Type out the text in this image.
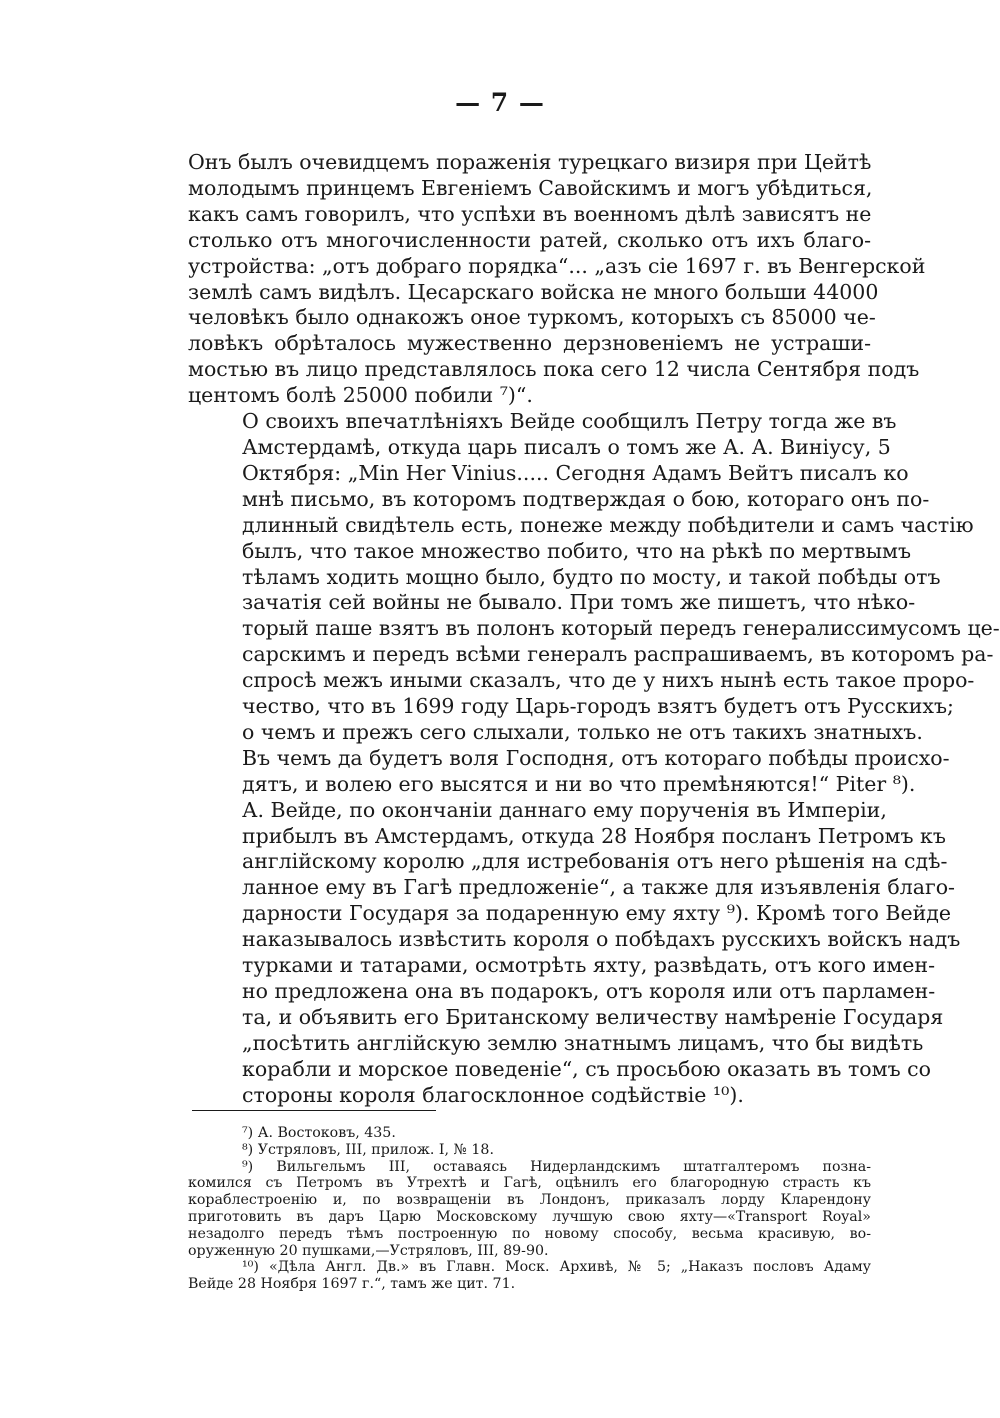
— 7 —

Онъ былъ очевидцемъ пораженія турецкаго визиря при Цейтѣ
молодымъ принцемъ Евгеніемъ Савойскимъ и могъ убѣдиться,
какъ самъ говорилъ, что успѣхи въ военномъ дѣлѣ зависятъ не
столько отъ многочисленности ратей, сколько отъ ихъ благо-
устройства: „отъ добраго порядка“... „азъ сіе 1697 г. въ Венгерской
землѣ самъ видѣлъ. Цесарскаго войска не много больши 44000
человѣкъ было однакожъ оное туркомъ, которыхъ съ 85000 че-
ловѣкъ обрѣталось мужественно дерзновеніемъ не устраши-
мостью въ лицо представлялось пока сего 12 числа Сентября подъ
центомъ болѣ 25000 побили ⁷)“.

О своихъ впечатлѣніяхъ Вейде сообщилъ Петру тогда же въ
Амстердамѣ, откуда царь писалъ о томъ же А. А. Виніусу, 5
Октября: „Min Her Vinius..... Сегодня Адамъ Вейтъ писалъ ко
мнѣ письмо, въ которомъ подтверждая о бою, котораго онъ по-
длинный свидѣтель есть, понеже между побѣдители и самъ частію
былъ, что такое множество побито, что на рѣкѣ по мертвымъ
тѣламъ ходить мощно было, будто по мосту, и такой побѣды отъ
зачатія сей войны не бывало. При томъ же пишетъ, что нѣко-
торый паше взятъ въ полонъ который передъ генералиссимусомъ це-
сарскимъ и передъ всѣми генералъ распрашиваемъ, въ которомъ ра-
спросѣ межъ иными сказалъ, что де у нихъ нынѣ есть такое проро-
чество, что въ 1699 году Царь-городъ взятъ будетъ отъ Русскихъ;
о чемъ и прежъ сего слыхали, только не отъ такихъ знатныхъ.
Въ чемъ да будетъ воля Господня, отъ котораго побѣды происхо-
дятъ, и волею его высятся и ни во что премѣняются!“ Piter ⁸).

А. Вейде, по окончаніи даннаго ему порученія въ Имперіи,
прибылъ въ Амстердамъ, откуда 28 Ноября посланъ Петромъ къ
англійскому королю „для истребованія отъ него рѣшенія на сдѣ-
ланное ему въ Гагѣ предложеніе“, а также для изъявленія благо-
дарности Государя за подаренную ему яхту ⁹). Кромѣ того Вейде
наказывалось извѣстить короля о побѣдахъ русскихъ войскъ надъ
турками и татарами, осмотрѣть яхту, развѣдать, отъ кого имен-
но предложена она въ подарокъ, отъ короля или отъ парламен-
та, и объявить его Британскому величеству намѣреніе Государя
„посѣтить англійскую землю знатнымъ лицамъ, что бы видѣть
корабли и морское поведеніе“, съ просьбою оказать въ томъ со
стороны короля благосклонное содѣйствіе ¹⁰).

⁷) А. Востоковъ, 435.
⁸) Устряловъ, III, прилож. I, № 18.
⁹) Вильгельмъ III, оставаясь Нидерландскимъ штатгалтеромъ позна-
комился съ Петромъ въ Утрехтѣ и Гагѣ, оцѣнилъ его благородную страсть къ
кораблестроенію и, по возвращеніи въ Лондонъ, приказалъ лорду Кларендону
приготовить въ даръ Царю Московскому лучшую свою яхту—«Transport Royal»
незадолго передъ тѣмъ построенную по новому способу, весьма красивую, во-
оруженную 20 пушками,—Устряловъ, III, 89-90.
¹⁰) «Дѣла Англ. Дв.» въ Главн. Моск. Архивѣ, № 5; „Наказъ пословъ Адаму
Вейде 28 Ноября 1697 г.“, тамъ же цит. 71.
